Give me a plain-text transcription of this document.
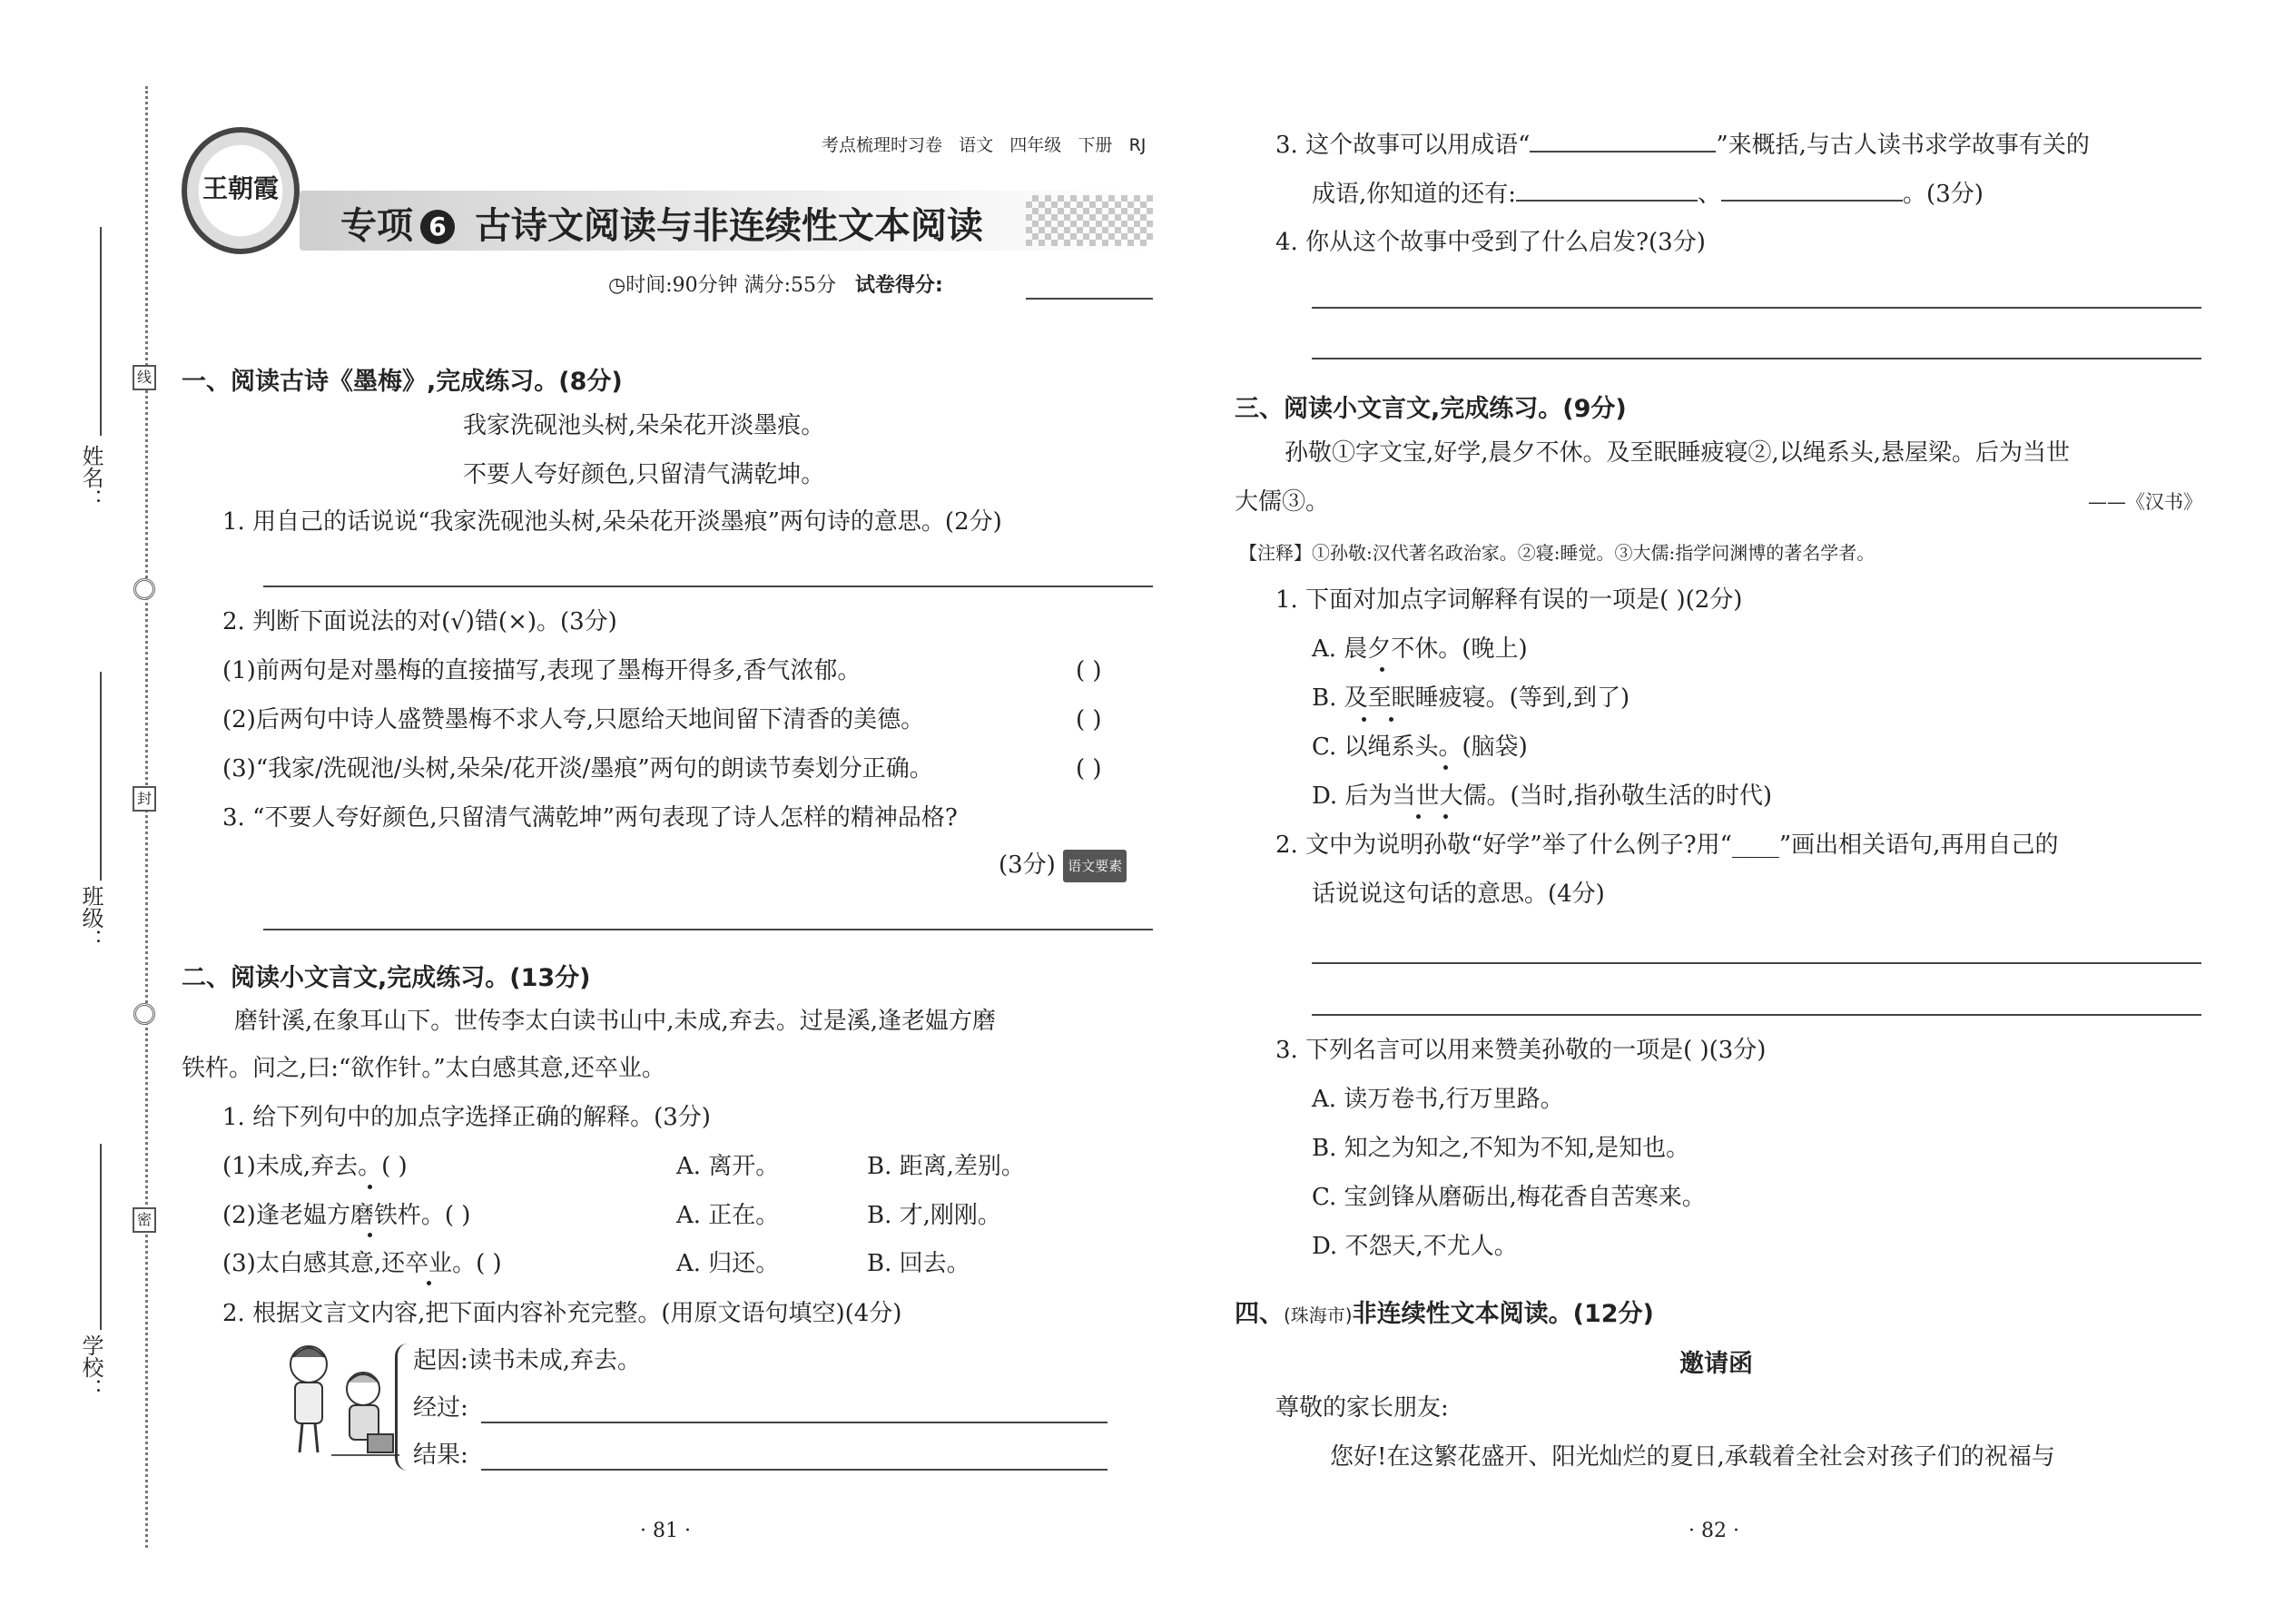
姓名：
班级：
学校：
线
封
密
考点梳理时习卷 语文 四年级 下册 RJ
王朝霞
专项 6 古诗文阅读与非连续性文本阅读
◷时间:90分钟 满分:55分 试卷得分:
一、阅读古诗《墨梅》,完成练习。(8分)
我家洗砚池头树,朵朵花开淡墨痕。
不要人夸好颜色,只留清气满乾坤。
1. 用自己的话说说“我家洗砚池头树,朵朵花开淡墨痕”两句诗的意思。(2分)
2. 判断下面说法的对(√)错(×)。(3分)
(1)前两句是对墨梅的直接描写,表现了墨梅开得多,香气浓郁。	( )
(2)后两句中诗人盛赞墨梅不求人夸,只愿给天地间留下清香的美德。	( )
(3)“我家/洗砚池/头树,朵朵/花开淡/墨痕”两句的朗读节奏划分正确。	( )
3. “不要人夸好颜色,只留清气满乾坤”两句表现了诗人怎样的精神品格?
(3分) 语文要素
二、阅读小文言文,完成练习。(13分)
磨针溪,在象耳山下。世传李太白读书山中,未成,弃去。过是溪,逢老媪方磨
铁杵。问之,曰:“欲作针。”太白感其意,还卒业。
1. 给下列句中的加点字选择正确的解释。(3分)
(1)未成,弃去。( )	A. 离开。	B. 距离,差别。
(2)逢老媪方磨铁杵。( )	A. 正在。	B. 才,刚刚。
(3)太白感其意,还卒业。( )	A. 归还。	B. 回去。
2. 根据文言文内容,把下面内容补充完整。(用原文语句填空)(4分)
起因:读书未成,弃去。
经过:
结果:
· 81 ·
3. 这个故事可以用成语“	”来概括,与古人读书求学故事有关的
成语,你知道的还有:	、	。(3分)
4. 你从这个故事中受到了什么启发?(3分)
三、阅读小文言文,完成练习。(9分)
孙敬①字文宝,好学,晨夕不休。及至眠睡疲寝②,以绳系头,悬屋梁。后为当世
大儒③。	——《汉书》
【注释】①孙敬:汉代著名政治家。②寝:睡觉。③大儒:指学问渊博的著名学者。
1. 下面对加点字词解释有误的一项是( )(2分)
A. 晨夕不休。(晚上)
B. 及至眠睡疲寝。(等到,到了)
C. 以绳系头。(脑袋)
D. 后为当世大儒。(当时,指孙敬生活的时代)
2. 文中为说明孙敬“好学”举了什么例子?用“____”画出相关语句,再用自己的
话说说这句话的意思。(4分)
3. 下列名言可以用来赞美孙敬的一项是( )(3分)
A. 读万卷书,行万里路。
B. 知之为知之,不知为不知,是知也。
C. 宝剑锋从磨砺出,梅花香自苦寒来。
D. 不怨天,不尤人。
四、(珠海市)非连续性文本阅读。(12分)
邀请函
尊敬的家长朋友:
您好!在这繁花盛开、阳光灿烂的夏日,承载着全社会对孩子们的祝福与
· 82 ·
